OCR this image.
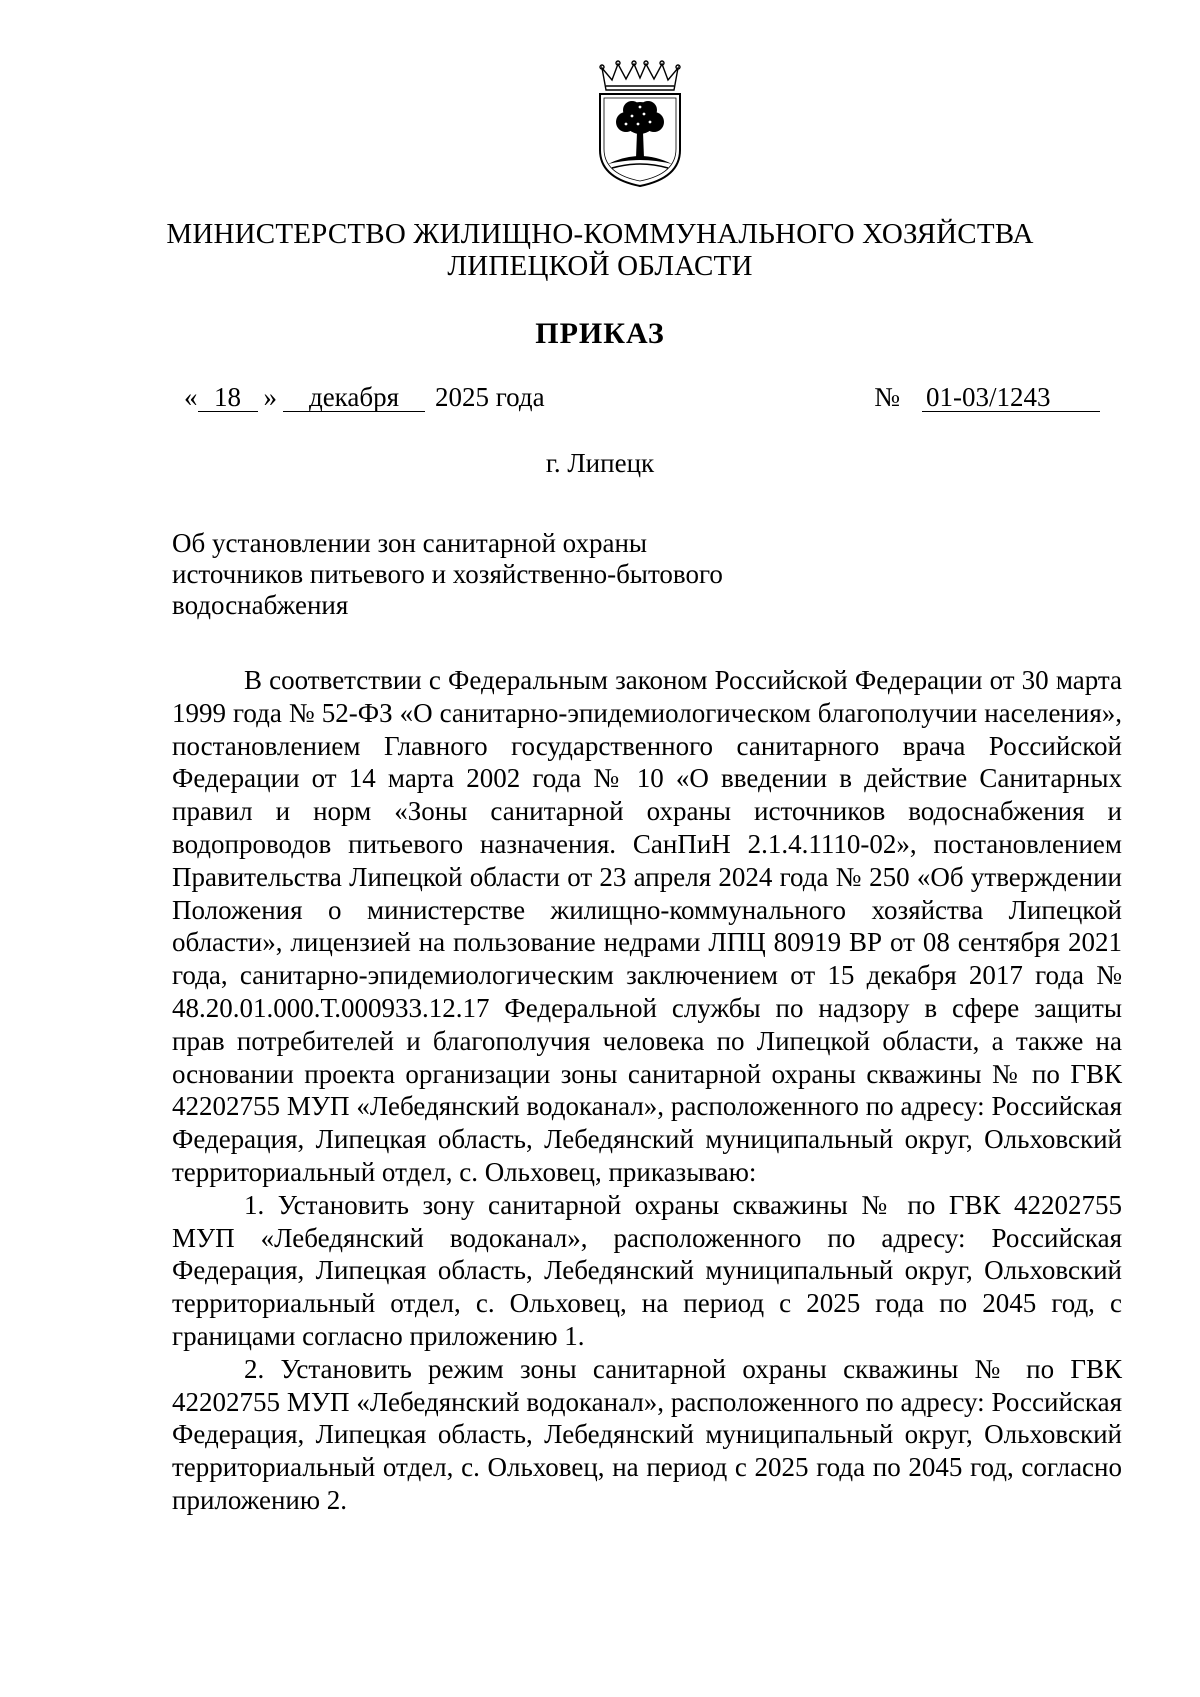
МИНИСТЕРСТВО ЖИЛИЩНО-КОММУНАЛЬНОГО ХОЗЯЙСТВА
ЛИПЕЦКОЙ ОБЛАСТИ
ПРИКАЗ
« 18 » декабря 2025 года	№ 01-03/1243
г. Липецк
Об установлении зон санитарной охраны
источников питьевого и хозяйственно-бытового
водоснабжения

В соответствии с Федеральным законом Российской Федерации от 30 марта 1999 года № 52-ФЗ «О санитарно-эпидемиологическом благополучии населения», постановлением Главного государственного санитарного врача Российской Федерации от 14 марта 2002 года № 10 «О введении в действие Санитарных правил и норм «Зоны санитарной охраны источников водоснабжения и водопроводов питьевого назначения. СанПиН 2.1.4.1110-02», постановлением Правительства Липецкой области от 23 апреля 2024 года № 250 «Об утверждении Положения о министерстве жилищно-коммунального хозяйства Липецкой области», лицензией на пользование недрами ЛПЦ 80919 ВР от 08 сентября 2021 года, санитарно-эпидемиологическим заключением от 15 декабря 2017 года № 48.20.01.000.Т.000933.12.17 Федеральной службы по надзору в сфере защиты прав потребителей и благополучия человека по Липецкой области, а также на основании проекта организации зоны санитарной охраны скважины № по ГВК 42202755 МУП «Лебедянский водоканал», расположенного по адресу: Российская Федерация, Липецкая область, Лебедянский муниципальный округ, Ольховский территориальный отдел, с. Ольховец, приказываю:

1. Установить зону санитарной охраны скважины № по ГВК 42202755 МУП «Лебедянский водоканал», расположенного по адресу: Российская Федерация, Липецкая область, Лебедянский муниципальный округ, Ольховский территориальный отдел, с. Ольховец, на период с 2025 года по 2045 год, с границами согласно приложению 1.

2. Установить режим зоны санитарной охраны скважины № по ГВК 42202755 МУП «Лебедянский водоканал», расположенного по адресу: Российская Федерация, Липецкая область, Лебедянский муниципальный округ, Ольховский территориальный отдел, с. Ольховец, на период с 2025 года по 2045 год, согласно приложению 2.
